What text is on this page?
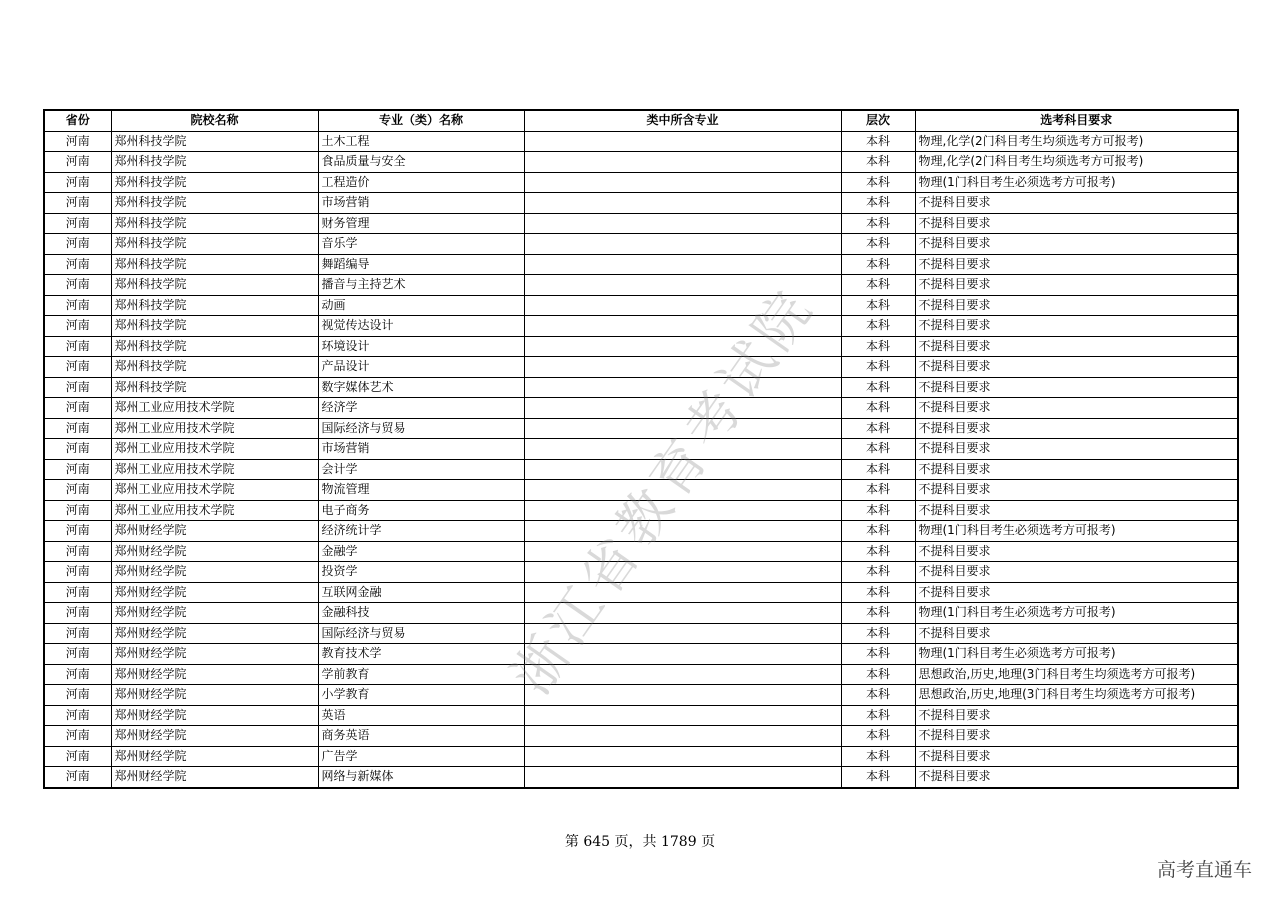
省份	院校名称	专业（类）名称	类中所含专业	层次	选考科目要求
河南	郑州科技学院	土木工程		本科	物理,化学(2门科目考生均须选考方可报考)
河南	郑州科技学院	食品质量与安全		本科	物理,化学(2门科目考生均须选考方可报考)
河南	郑州科技学院	工程造价		本科	物理(1门科目考生必须选考方可报考)
河南	郑州科技学院	市场营销		本科	不提科目要求
河南	郑州科技学院	财务管理		本科	不提科目要求
河南	郑州科技学院	音乐学		本科	不提科目要求
河南	郑州科技学院	舞蹈编导		本科	不提科目要求
河南	郑州科技学院	播音与主持艺术		本科	不提科目要求
河南	郑州科技学院	动画		本科	不提科目要求
河南	郑州科技学院	视觉传达设计		本科	不提科目要求
河南	郑州科技学院	环境设计		本科	不提科目要求
河南	郑州科技学院	产品设计		本科	不提科目要求
河南	郑州科技学院	数字媒体艺术		本科	不提科目要求
河南	郑州工业应用技术学院	经济学		本科	不提科目要求
河南	郑州工业应用技术学院	国际经济与贸易		本科	不提科目要求
河南	郑州工业应用技术学院	市场营销		本科	不提科目要求
河南	郑州工业应用技术学院	会计学		本科	不提科目要求
河南	郑州工业应用技术学院	物流管理		本科	不提科目要求
河南	郑州工业应用技术学院	电子商务		本科	不提科目要求
河南	郑州财经学院	经济统计学		本科	物理(1门科目考生必须选考方可报考)
河南	郑州财经学院	金融学		本科	不提科目要求
河南	郑州财经学院	投资学		本科	不提科目要求
河南	郑州财经学院	互联网金融		本科	不提科目要求
河南	郑州财经学院	金融科技		本科	物理(1门科目考生必须选考方可报考)
河南	郑州财经学院	国际经济与贸易		本科	不提科目要求
河南	郑州财经学院	教育技术学		本科	物理(1门科目考生必须选考方可报考)
河南	郑州财经学院	学前教育		本科	思想政治,历史,地理(3门科目考生均须选考方可报考)
河南	郑州财经学院	小学教育		本科	思想政治,历史,地理(3门科目考生均须选考方可报考)
河南	郑州财经学院	英语		本科	不提科目要求
河南	郑州财经学院	商务英语		本科	不提科目要求
河南	郑州财经学院	广告学		本科	不提科目要求
河南	郑州财经学院	网络与新媒体		本科	不提科目要求
浙江省教育考试院
第 645 页，共 1789 页
高考直通车
